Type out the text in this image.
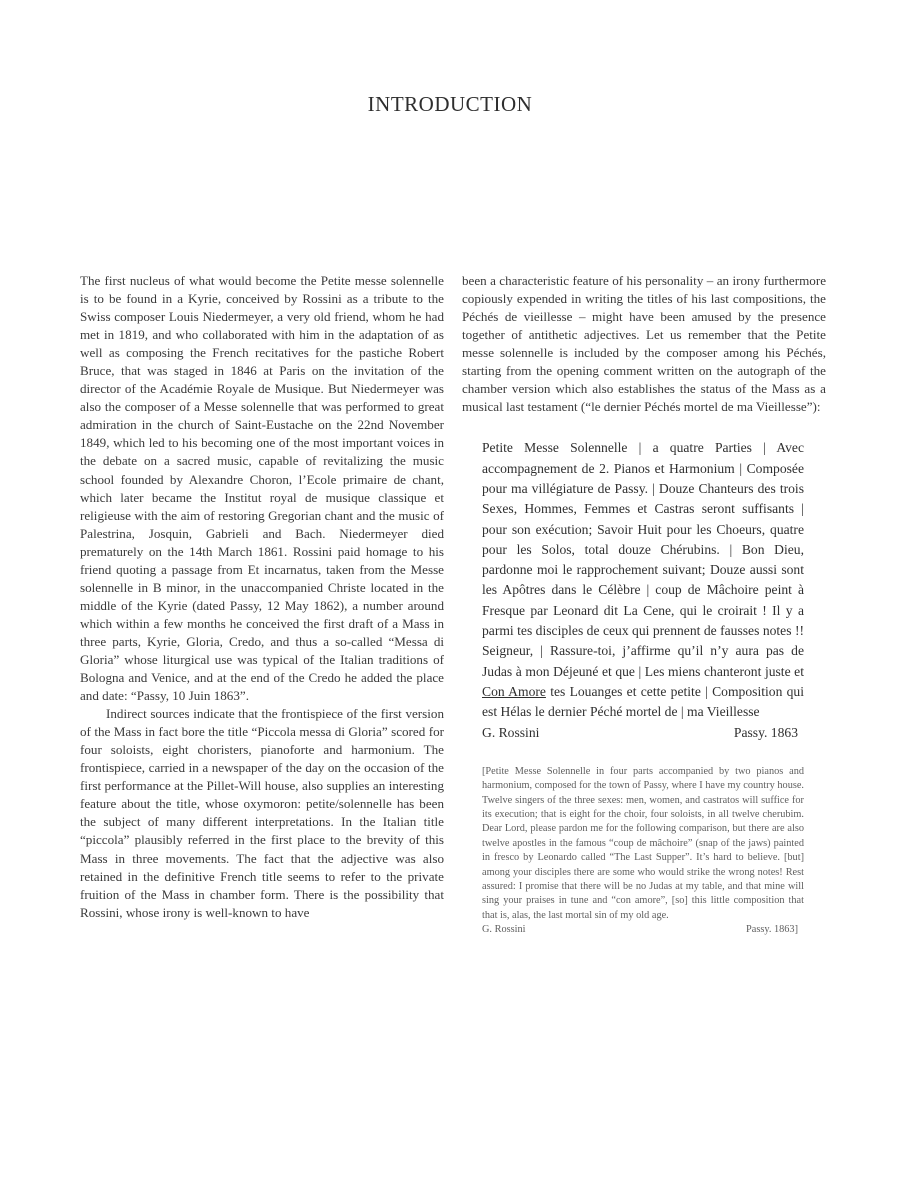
INTRODUCTION

The first nucleus of what would become the Petite messe solennelle is to be found in a Kyrie, conceived by Rossini as a tribute to the Swiss composer Louis Niedermeyer, a very old friend, whom he had met in 1819, and who collaborated with him in the adaptation of as well as composing the French recitatives for the pastiche Robert Bruce, that was staged in 1846 at Paris on the invitation of the director of the Académie Royale de Musique. But Niedermeyer was also the composer of a Messe solennelle that was performed to great admiration in the church of Saint-Eustache on the 22nd November 1849, which led to his becoming one of the most important voices in the debate on a sacred music, capable of revitalizing the music school founded by Alexandre Choron, l’Ecole primaire de chant, which later became the Institut royal de musique classique et religieuse with the aim of restoring Gregorian chant and the music of Palestrina, Josquin, Gabrieli and Bach. Niedermeyer died prematurely on the 14th March 1861. Rossini paid homage to his friend quoting a passage from Et incarnatus, taken from the Messe solennelle in B minor, in the unaccompanied Christe located in the middle of the Kyrie (dated Passy, 12 May 1862), a number around which within a few months he conceived the first draft of a Mass in three parts, Kyrie, Gloria, Credo, and thus a so-called “Messa di Gloria” whose liturgical use was typical of the Italian traditions of Bologna and Venice, and at the end of the Credo he added the place and date: “Passy, 10 Juin 1863”.

Indirect sources indicate that the frontispiece of the first version of the Mass in fact bore the title “Piccola messa di Gloria” scored for four soloists, eight choristers, pianoforte and harmonium. The frontispiece, carried in a newspaper of the day on the occasion of the first performance at the Pillet-Will house, also supplies an interesting feature about the title, whose oxymoron: petite/solennelle has been the subject of many different interpretations. In the Italian title “piccola” plausibly referred in the first place to the brevity of this Mass in three movements. The fact that the adjective was also retained in the definitive French title seems to refer to the private fruition of the Mass in chamber form. There is the possibility that Rossini, whose irony is well-known to have

been a characteristic feature of his personality – an irony furthermore copiously expended in writing the titles of his last compositions, the Péchés de vieillesse – might have been amused by the presence together of antithetic adjectives. Let us remember that the Petite messe solennelle is included by the composer among his Péchés, starting from the opening comment written on the autograph of the chamber version which also establishes the status of the Mass as a musical last testament (“le dernier Péchés mortel de ma Vieillesse”):

Petite Messe Solennelle | a quatre Parties | Avec accompagnement de 2. Pianos et Harmonium | Composée pour ma villégiature de Passy. | Douze Chanteurs des trois Sexes, Hommes, Femmes et Castras seront suffisants | pour son exécution; Savoir Huit pour les Choeurs, quatre pour les Solos, total douze Chérubins. | Bon Dieu, pardonne moi le rapprochement suivant; Douze aussi sont les Apôtres dans le Célèbre | coup de Mâchoire peint à Fresque par Leonard dit La Cene, qui le croirait ! Il y a parmi tes disciples de ceux qui prennent de fausses notes !! Seigneur, | Rassure-toi, j’affirme qu’il n’y aura pas de Judas à mon Déjeuné et que | Les miens chanteront juste et Con Amore tes Louanges et cette petite | Composition qui est Hélas le dernier Péché mortel de | ma Vieillesse
G. Rossini	Passy. 1863
[Petite Messe Solennelle in four parts accompanied by two pianos and harmonium, composed for the town of Passy, where I have my country house. Twelve singers of the three sexes: men, women, and castratos will suffice for its execution; that is eight for the choir, four soloists, in all twelve cherubim. Dear Lord, please pardon me for the following comparison, but there are also twelve apostles in the famous “coup de mâchoire” (snap of the jaws) painted in fresco by Leonardo called “The Last Supper”. It’s hard to believe. [but] among your disciples there are some who would strike the wrong notes! Rest assured: I promise that there will be no Judas at my table, and that mine will sing your praises in tune and “con amore”, [so] this little composition that that is, alas, the last mortal sin of my old age.
G. Rossini	Passy. 1863]
